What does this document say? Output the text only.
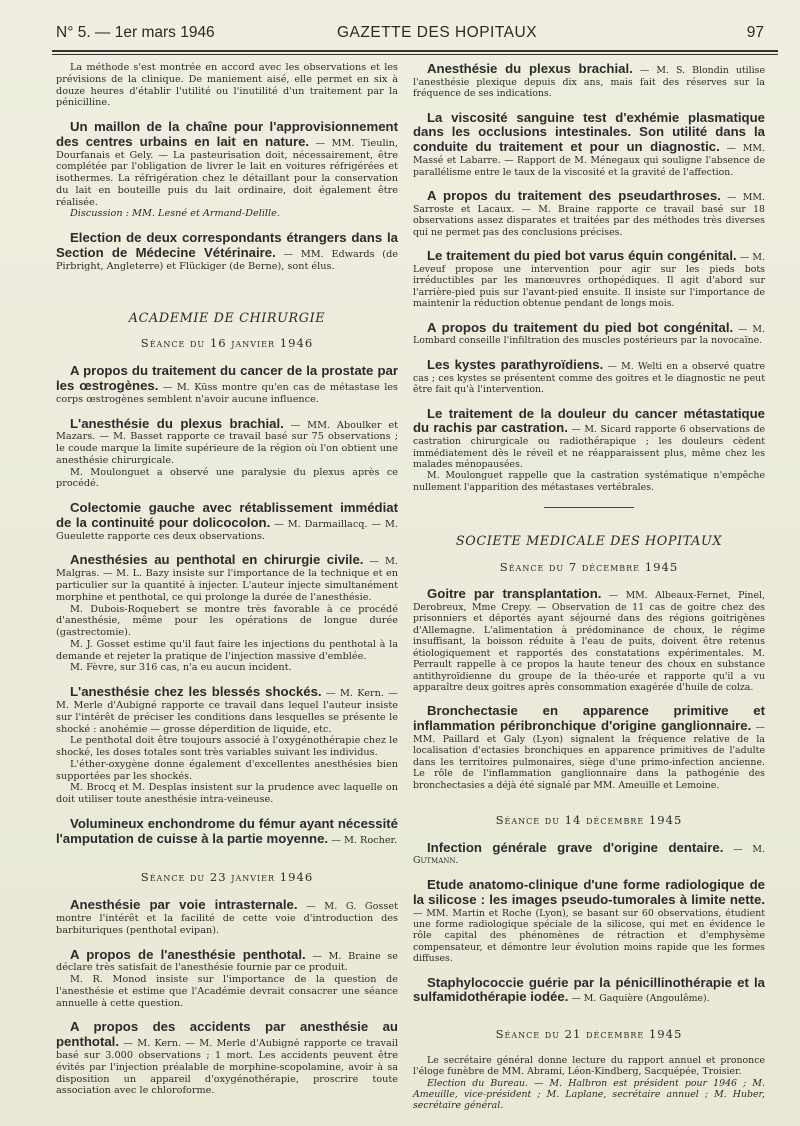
N° 5. — 1er mars 1946	GAZETTE DES HOPITAUX	97

La méthode s'est montrée en accord avec les observations et les prévisions de la clinique. De maniement aisé, elle permet en six à douze heures d'établir l'utilité ou l'inutilité d'un traitement par la pénicilline.

Un maillon de la chaîne pour l'approvisionnement des centres urbains en lait en nature. — MM. Tieulin, Dourfanais et Gely. — La pasteurisation doit, nécessairement, être complétée par l'obligation de livrer le lait en voitures réfrigérées et isothermes. La réfrigération chez le détaillant pour la conservation du lait en bouteille puis du lait ordinaire, doit également être réalisée.

Discussion : MM. Lesné et Armand-Delille.

Election de deux correspondants étrangers dans la Section de Médecine Vétérinaire. — MM. Edwards (de Pirbright, Angleterre) et Flückiger (de Berne), sont élus.

ACADEMIE DE CHIRURGIE
Séance du 16 janvier 1946

A propos du traitement du cancer de la prostate par les œstrogènes. — M. Küss montre qu'en cas de métastase les corps œstrogènes semblent n'avoir aucune influence.

L'anesthésie du plexus brachial. — MM. Aboulker et Mazars. — M. Basset rapporte ce travail basé sur 75 observations ; le coude marque la limite supérieure de la région où l'on obtient une anesthésie chirurgicale.

M. Moulonguet a observé une paralysie du plexus après ce procédé.

Colectomie gauche avec rétablissement immédiat de la continuité pour dolicocolon. — M. Darmaillacq. — M. Gueulette rapporte ces deux observations.

Anesthésies au penthotal en chirurgie civile. — M. Malgras. — M. L. Bazy insiste sur l'importance de la technique et en particulier sur la quantité à injecter. L'auteur injecte simultanément morphine et penthotal, ce qui prolonge la durée de l'anesthésie.

M. Dubois-Roquebert se montre très favorable à ce procédé d'anesthésie, même pour les opérations de longue durée (gastrectomie).

M. J. Gosset estime qu'il faut faire les injections du penthotal à la demande et rejeter la pratique de l'injection massive d'emblée.

M. Fèvre, sur 316 cas, n'a eu aucun incident.

L'anesthésie chez les blessés shockés. — M. Kern. — M. Merle d'Aubigné rapporte ce travail dans lequel l'auteur insiste sur l'intérêt de préciser les conditions dans lesquelles se présente le shocké : anohémie — grosse déperdition de liquide, etc.

Le penthotal doit être toujours associé à l'oxygénothérapie chez le shocké, les doses totales sont très variables suivant les individus.

L'éther-oxygène donne également d'excellentes anesthésies bien supportées par les shockés.

M. Brocq et M. Desplas insistent sur la prudence avec laquelle on doit utiliser toute anesthésie intra-veineuse.

Volumineux enchondrome du fémur ayant nécessité l'amputation de cuisse à la partie moyenne. — M. Rocher.

Séance du 23 janvier 1946

Anesthésie par voie intrasternale. — M. G. Gosset montre l'intérêt et la facilité de cette voie d'introduction des barbituriques (penthotal evipan).

A propos de l'anesthésie penthotal. — M. Braine se déclare très satisfait de l'anesthésie fournie par ce produit.

M. R. Monod insiste sur l'importance de la question de l'anesthésie et estime que l'Académie devrait consacrer une séance annuelle à cette question.

A propos des accidents par anesthésie au penthotal. — M. Kern. — M. Merle d'Aubigné rapporte ce travail basé sur 3.000 observations ; 1 mort. Les accidents peuvent être évités par l'injection préalable de morphine-scopolamine, avoir à sa disposition un appareil d'oxygénothérapie, proscrire toute association avec le chloroforme.

Anesthésie du plexus brachial. — M. S. Blondin utilise l'anesthésie plexique depuis dix ans, mais fait des réserves sur la fréquence de ses indications.

La viscosité sanguine test d'exhémie plasmatique dans les occlusions intestinales. Son utilité dans la conduite du traitement et pour un diagnostic. — MM. Massé et Labarre. — Rapport de M. Ménegaux qui souligne l'absence de parallélisme entre le taux de la viscosité et la gravité de l'affection.

A propos du traitement des pseudarthroses. — MM. Sarroste et Lacaux. — M. Braine rapporte ce travail basé sur 18 observations assez disparates et traitées par des méthodes très diverses qui ne permet pas des conclusions précises.

Le traitement du pied bot varus équin congénital. — M. Leveuf propose une intervention pour agir sur les pieds bots irréductibles par les manœuvres orthopédiques. Il agit d'abord sur l'arrière-pied puis sur l'avant-pied ensuite. Il insiste sur l'importance de maintenir la réduction obtenue pendant de longs mois.

A propos du traitement du pied bot congénital. — M. Lombard conseille l'infiltration des muscles postérieurs par la novocaïne.

Les kystes parathyroïdiens. — M. Welti en a observé quatre cas ; ces kystes se présentent comme des goitres et le diagnostic ne peut être fait qu'à l'intervention.

Le traitement de la douleur du cancer métastatique du rachis par castration. — M. Sicard rapporte 6 observations de castration chirurgicale ou radiothérapique ; les douleurs cèdent immédiatement dès le réveil et ne réapparaissent plus, même chez les malades ménopausées.

M. Moulonguet rappelle que la castration systématique n'empêche nullement l'apparition des métastases vertébrales.

SOCIETE MEDICALE DES HOPITAUX
Séance du 7 décembre 1945

Goitre par transplantation. — MM. Albeaux-Fernet, Pinel, Derobreux, Mme Crepy. — Observation de 11 cas de goitre chez des prisonniers et déportés ayant séjourné dans des régions goitrigènes d'Allemagne. L'alimentation à prédominance de choux, le régime insuffisant, la boisson réduite à l'eau de puits, doivent être retenus étiologiquement et rapportés des constatations expérimentales. M. Perrault rappelle à ce propos la haute teneur des choux en substance antithyroïdienne du groupe de la théo-urée et rapporte qu'il a vu apparaître deux goitres après consommation exagérée d'huile de colza.

Bronchectasie en apparence primitive et inflammation péribronchique d'origine ganglionnaire. — MM. Paillard et Galy (Lyon) signalent la fréquence relative de la localisation d'ectasies bronchiques en apparence primitives de l'adulte dans les territoires pulmonaires, siège d'une primo-infection ancienne. Le rôle de l'inflammation ganglionnaire dans la pathogénie des bronchectasies a déjà été signalé par MM. Ameuille et Lemoine.

Séance du 14 décembre 1945

Infection générale grave d'origine dentaire. — M. Gutmann.

Etude anatomo-clinique d'une forme radiologique de la silicose : les images pseudo-tumorales à limite nette. — MM. Martin et Roche (Lyon), se basant sur 60 observations, étudient une forme radiologique spéciale de la silicose, qui met en évidence le rôle capital des phénomènes de rétraction et d'emphysème compensateur, et démontre leur évolution moins rapide que les formes diffuses.

Staphylococcie guérie par la pénicillinothérapie et la sulfamidothérapie iodée. — M. Gaquière (Angoulême).

Séance du 21 décembre 1945

Le secrétaire général donne lecture du rapport annuel et prononce l'éloge funèbre de MM. Abrami, Léon-Kindberg, Sacquépée, Troisier.

Election du Bureau. — M. Halbron est président pour 1946 ; M. Ameuille, vice-président ; M. Laplane, secrétaire annuel ; M. Huber, secrétaire général.
